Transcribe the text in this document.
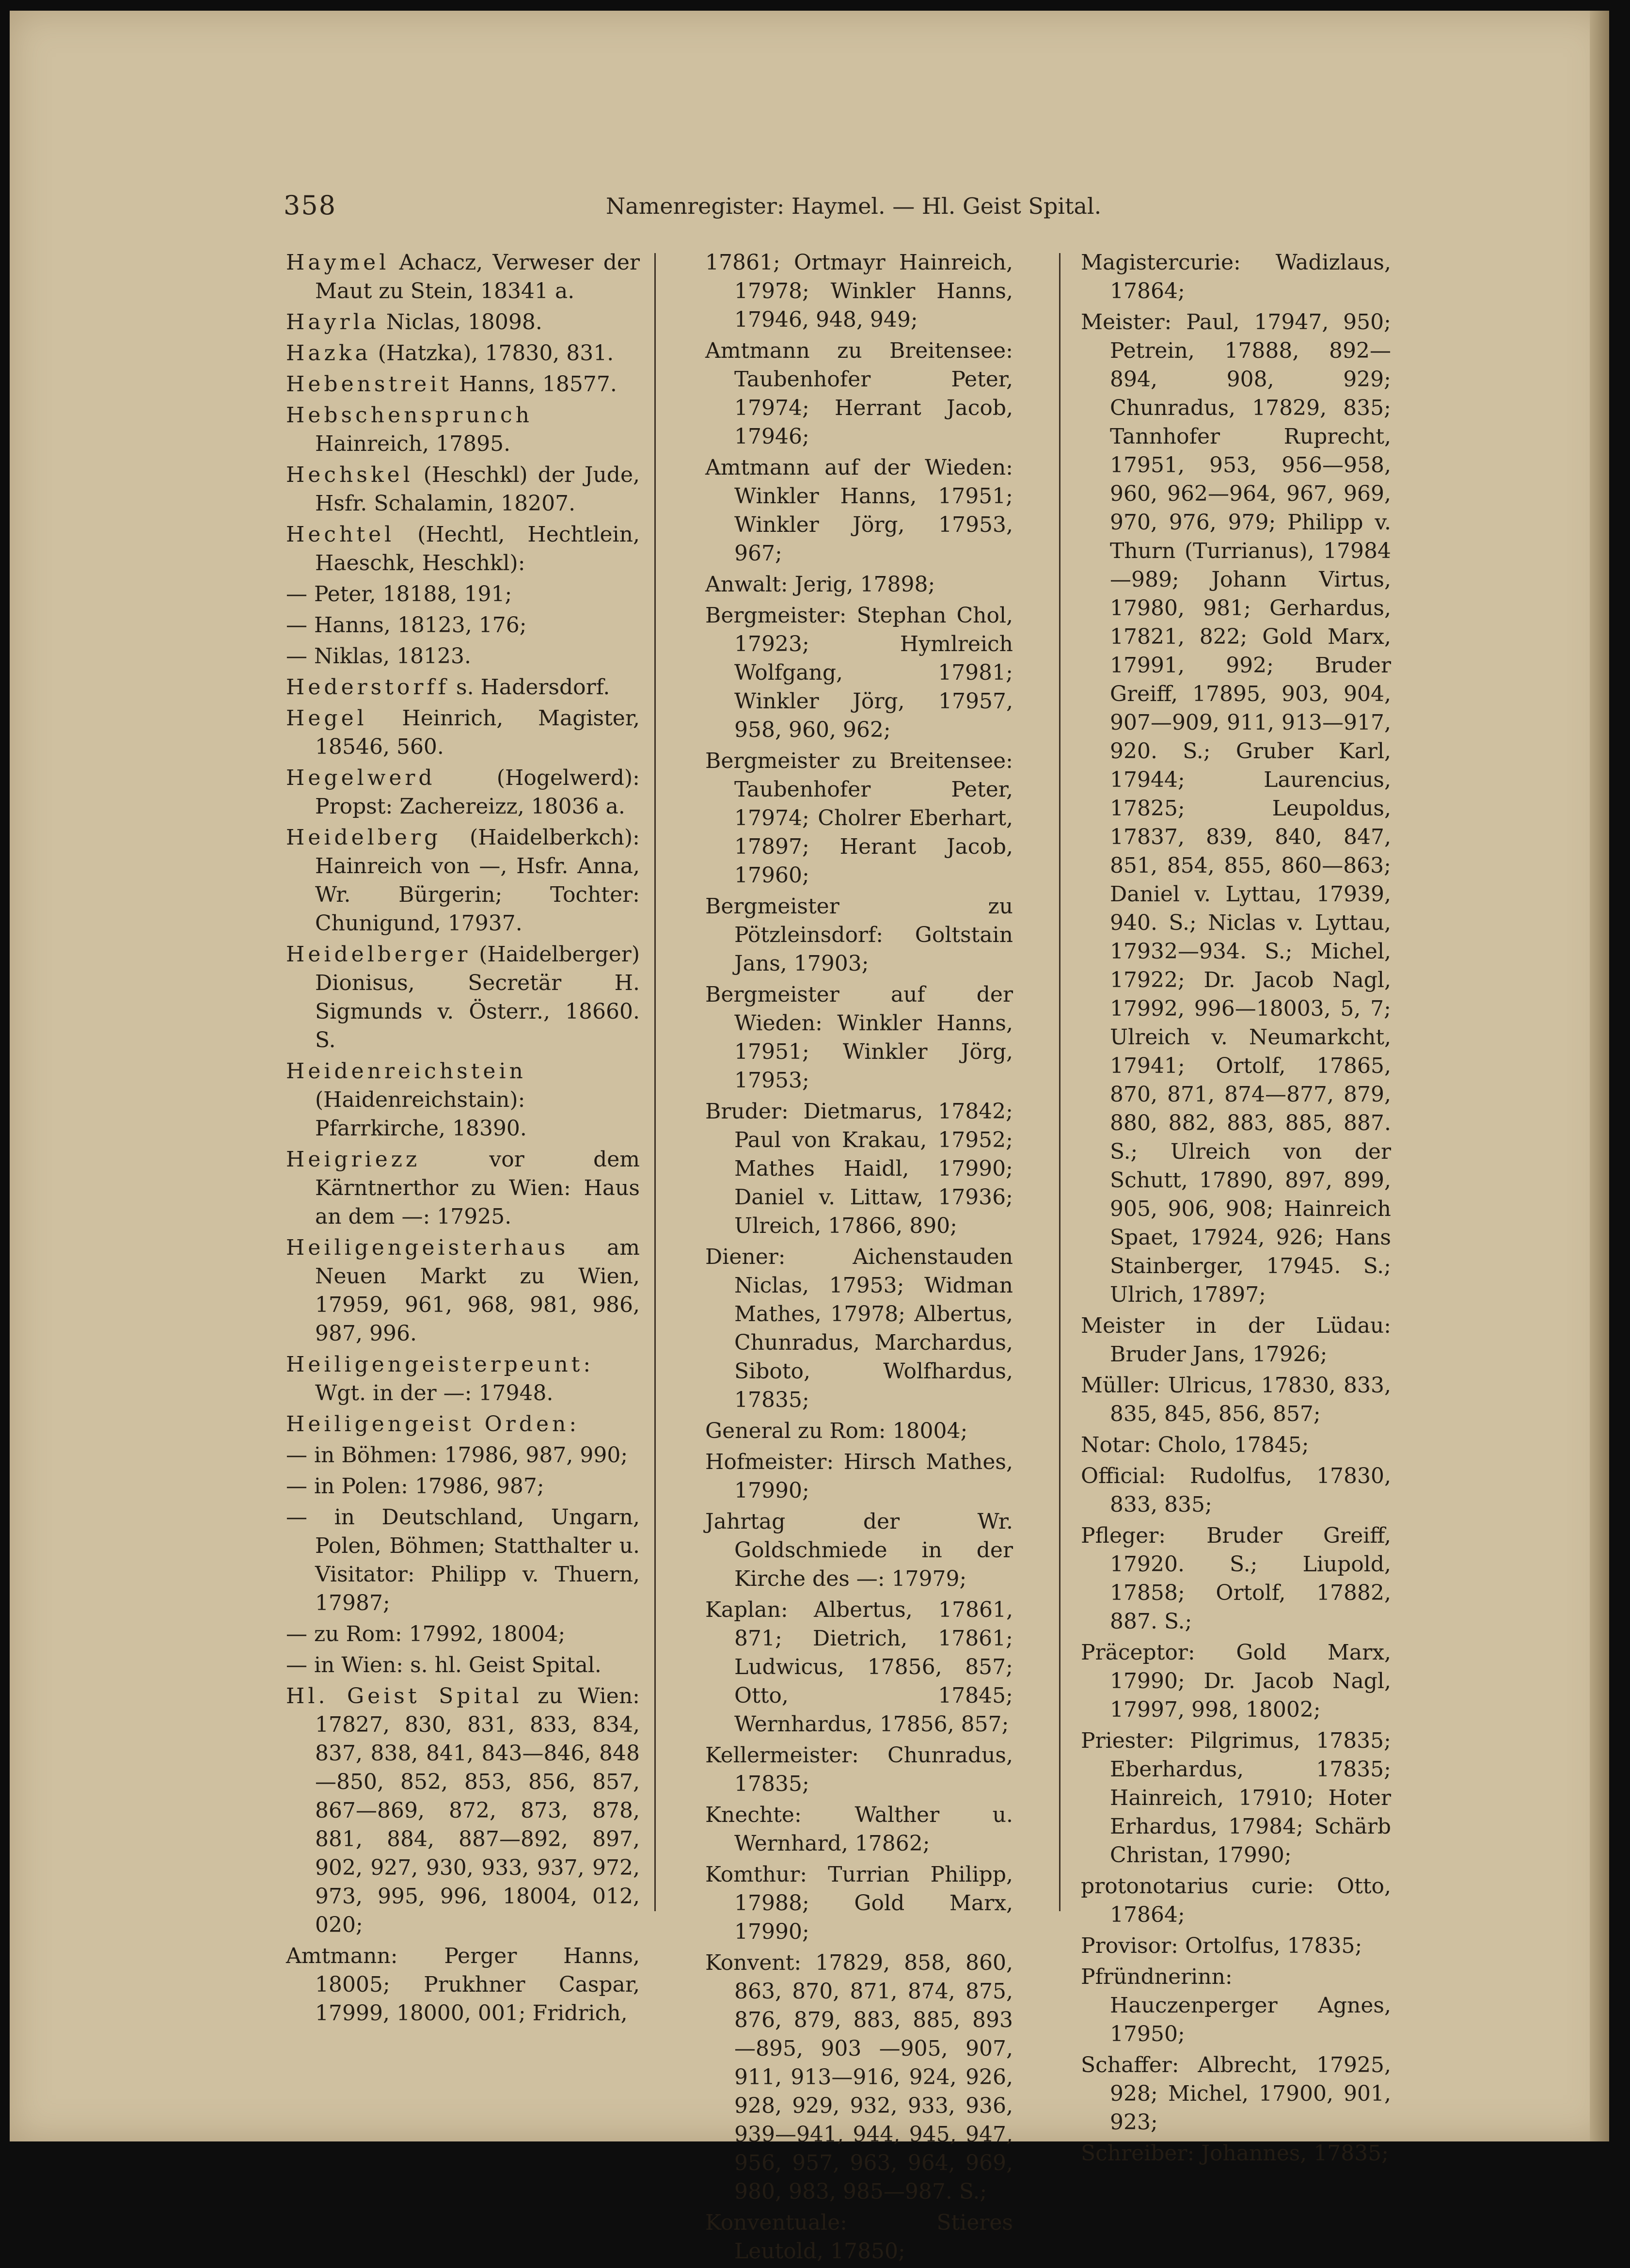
358	Namenregister: Haymel. — Hl. Geist Spital.

Haymel Achacz, Verweser der Maut zu Stein, 18341 a.

Hayrla Niclas, 18098.

Hazka (Hatzka), 17830, 831.

Hebenstreit Hanns, 18577.

Hebschensprunch Hainreich, 17895.

Hechskel (Heschkl) der Jude, Hsfr. Schalamin, 18207.

Hechtel (Hechtl, Hechtlein, Haeschk, Heschkl):

— Peter, 18188, 191;

— Hanns, 18123, 176;

— Niklas, 18123.

Hederstorff s. Hadersdorf.

Hegel Heinrich, Magister, 18546, 560.

Hegelwerd (Hogelwerd): Propst: Zachereizz, 18036 a.

Heidelberg (Haidelberkch): Hainreich von —, Hsfr. Anna, Wr. Bürgerin; Tochter: Chunigund, 17937.

Heidelberger (Haidelberger) Dionisus, Secretär H. Sigmunds v. Österr., 18660. S.

Heidenreichstein (Haidenreichstain): Pfarrkirche, 18390.

Heigriezz vor dem Kärntnerthor zu Wien: Haus an dem —: 17925.

Heiligengeisterhaus am Neuen Markt zu Wien, 17959, 961, 968, 981, 986, 987, 996.

Heiligengeisterpeunt: Wgt. in der —: 17948.

Heiligengeist Orden:

— in Böhmen: 17986, 987, 990;

— in Polen: 17986, 987;

— in Deutschland, Ungarn, Polen, Böhmen; Statthalter u. Visitator: Philipp v. Thuern, 17987;

— zu Rom: 17992, 18004;

— in Wien: s. hl. Geist Spital.

Hl. Geist Spital zu Wien: 17827, 830, 831, 833, 834, 837, 838, 841, 843—846, 848 —850, 852, 853, 856, 857, 867—869, 872, 873, 878, 881, 884, 887—892, 897, 902, 927, 930, 933, 937, 972, 973, 995, 996, 18004, 012, 020;

Amtmann: Perger Hanns, 18005; Prukhner Caspar, 17999, 18000, 001; Fridrich,

17861; Ortmayr Hainreich, 17978; Winkler Hanns, 17946, 948, 949;

Amtmann zu Breitensee: Taubenhofer Peter, 17974; Herrant Jacob, 17946;

Amtmann auf der Wieden: Winkler Hanns, 17951; Winkler Jörg, 17953, 967;

Anwalt: Jerig, 17898;

Bergmeister: Stephan Chol, 17923; Hymlreich Wolfgang, 17981; Winkler Jörg, 17957, 958, 960, 962;

Bergmeister zu Breitensee: Taubenhofer Peter, 17974; Cholrer Eberhart, 17897; Herant Jacob, 17960;

Bergmeister zu Pötzleinsdorf: Goltstain Jans, 17903;

Bergmeister auf der Wieden: Winkler Hanns, 17951; Winkler Jörg, 17953;

Bruder: Dietmarus, 17842; Paul von Krakau, 17952; Mathes Haidl, 17990; Daniel v. Littaw, 17936; Ulreich, 17866, 890;

Diener: Aichenstauden Niclas, 17953; Widman Mathes, 17978; Albertus, Chunradus, Marchardus, Siboto, Wolfhardus, 17835;

General zu Rom: 18004;

Hofmeister: Hirsch Mathes, 17990;

Jahrtag der Wr. Goldschmiede in der Kirche des —: 17979;

Kaplan: Albertus, 17861, 871; Dietrich, 17861; Ludwicus, 17856, 857; Otto, 17845; Wernhardus, 17856, 857;

Kellermeister: Chunradus, 17835;

Knechte: Walther u. Wernhard, 17862;

Komthur: Turrian Philipp, 17988; Gold Marx, 17990;

Konvent: 17829, 858, 860, 863, 870, 871, 874, 875, 876, 879, 883, 885, 893—895, 903 —905, 907, 911, 913—916, 924, 926, 928, 929, 932, 933, 936, 939—941, 944, 945, 947, 956, 957, 963, 964, 969, 980, 983, 985—987. S.;

Konventuale: Stieres Leutold, 17850;

Magistercurie: Wadizlaus, 17864;

Meister: Paul, 17947, 950; Petrein, 17888, 892—894, 908, 929; Chunradus, 17829, 835; Tannhofer Ruprecht, 17951, 953, 956—958, 960, 962—964, 967, 969, 970, 976, 979; Philipp v. Thurn (Turrianus), 17984—989; Johann Virtus, 17980, 981; Gerhardus, 17821, 822; Gold Marx, 17991, 992; Bruder Greiff, 17895, 903, 904, 907—909, 911, 913—917, 920. S.; Gruber Karl, 17944; Laurencius, 17825; Leupoldus, 17837, 839, 840, 847, 851, 854, 855, 860—863; Daniel v. Lyttau, 17939, 940. S.; Niclas v. Lyttau, 17932—934. S.; Michel, 17922; Dr. Jacob Nagl, 17992, 996—18003, 5, 7; Ulreich v. Neumarkcht, 17941; Ortolf, 17865, 870, 871, 874—877, 879, 880, 882, 883, 885, 887. S.; Ulreich von der Schutt, 17890, 897, 899, 905, 906, 908; Hainreich Spaet, 17924, 926; Hans Stainberger, 17945. S.; Ulrich, 17897;

Meister in der Lüdau: Bruder Jans, 17926;

Müller: Ulricus, 17830, 833, 835, 845, 856, 857;

Notar: Cholo, 17845;

Official: Rudolfus, 17830, 833, 835;

Pfleger: Bruder Greiff, 17920. S.; Liupold, 17858; Ortolf, 17882, 887. S.;

Präceptor: Gold Marx, 17990; Dr. Jacob Nagl, 17997, 998, 18002;

Priester: Pilgrimus, 17835; Eberhardus, 17835; Hainreich, 17910; Hoter Erhardus, 17984; Schärb Christan, 17990;

protonotarius curie: Otto, 17864;

Provisor: Ortolfus, 17835;

Pfründnerinn: Hauczenperger Agnes, 17950;

Schaffer: Albrecht, 17925, 928; Michel, 17900, 901, 923;

Schreiber: Johannes, 17835;
